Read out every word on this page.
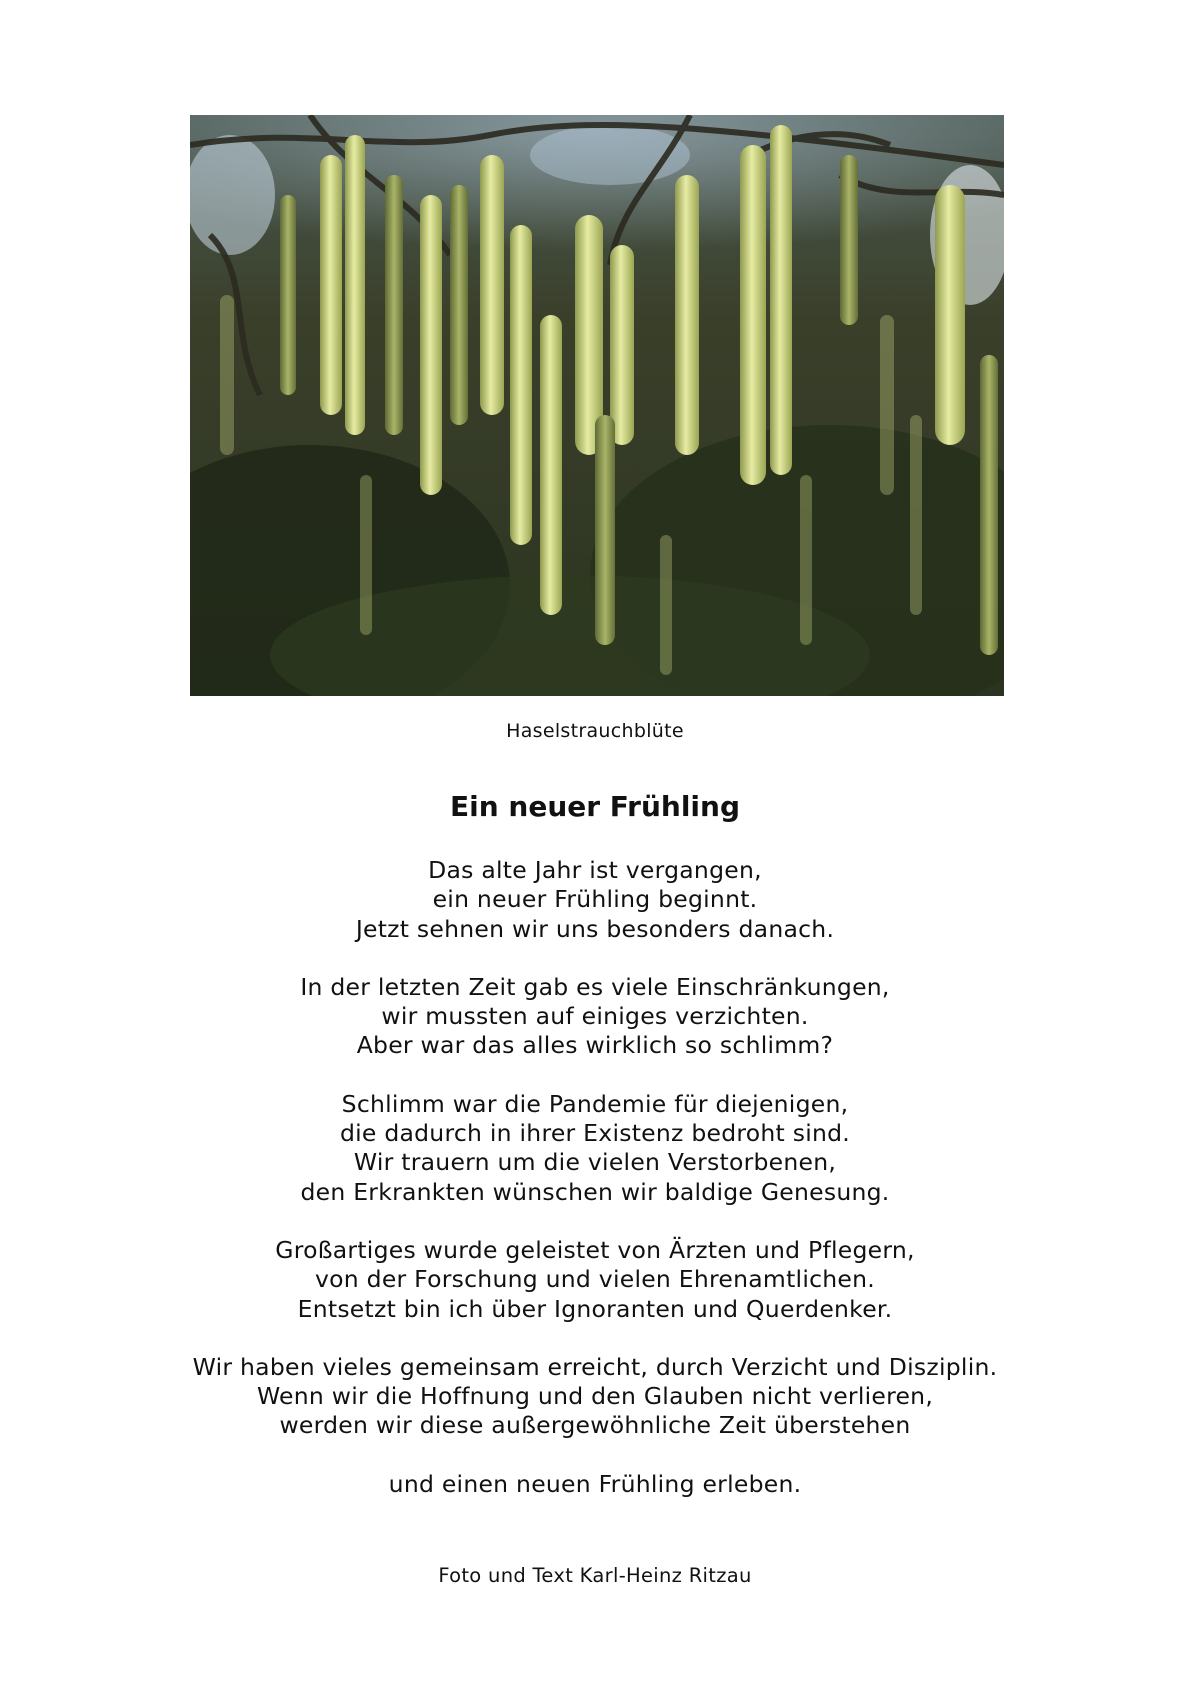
Haselstrauchblüte
Ein neuer Frühling
Das alte Jahr ist vergangen,
ein neuer Frühling beginnt.
Jetzt sehnen wir uns besonders danach.
In der letzten Zeit gab es viele Einschränkungen,
wir mussten auf einiges verzichten.
Aber war das alles wirklich so schlimm?
Schlimm war die Pandemie für diejenigen,
die dadurch in ihrer Existenz bedroht sind.
Wir trauern um die vielen Verstorbenen,
den Erkrankten wünschen wir baldige Genesung.
Großartiges wurde geleistet von Ärzten und Pflegern,
von der Forschung und vielen Ehrenamtlichen.
Entsetzt bin ich über Ignoranten und Querdenker.
Wir haben vieles gemeinsam erreicht, durch Verzicht und Disziplin.
Wenn wir die Hoffnung und den Glauben nicht verlieren,
werden wir diese außergewöhnliche Zeit überstehen
und einen neuen Frühling erleben.
Foto und Text Karl-Heinz Ritzau
